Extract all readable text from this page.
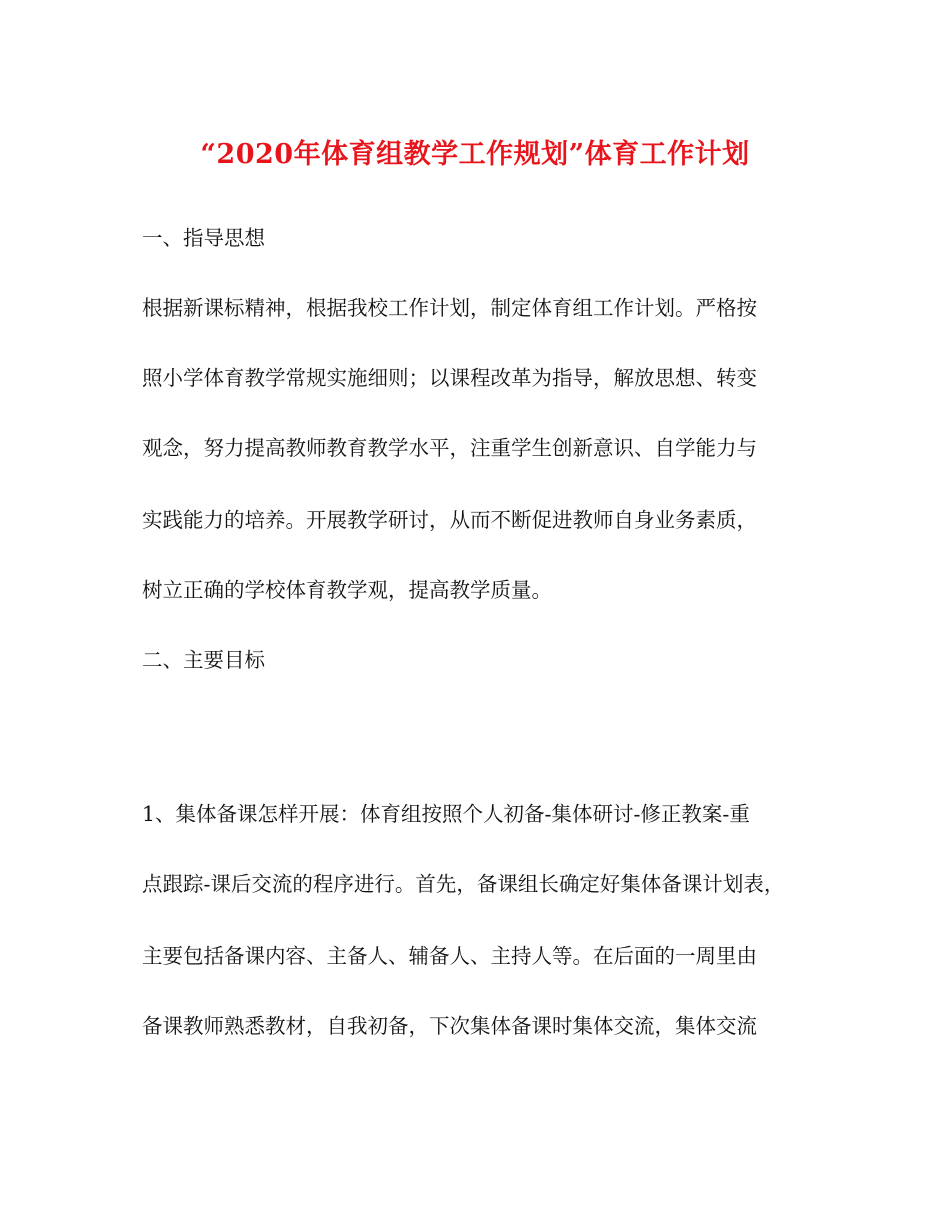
“2020年体育组教学工作规划”体育工作计划
一、指导思想
根据新课标精神，根据我校工作计划，制定体育组工作计划。严格按
照小学体育教学常规实施细则；以课程改革为指导，解放思想、转变
观念，努力提高教师教育教学水平，注重学生创新意识、自学能力与
实践能力的培养。开展教学研讨，从而不断促进教师自身业务素质，
树立正确的学校体育教学观，提高教学质量。
二、主要目标
1、集体备课怎样开展：体育组按照个人初备-集体研讨-修正教案-重
点跟踪-课后交流的程序进行。首先，备课组长确定好集体备课计划表，
主要包括备课内容、主备人、辅备人、主持人等。在后面的一周里由
备课教师熟悉教材，自我初备，下次集体备课时集体交流，集体交流
